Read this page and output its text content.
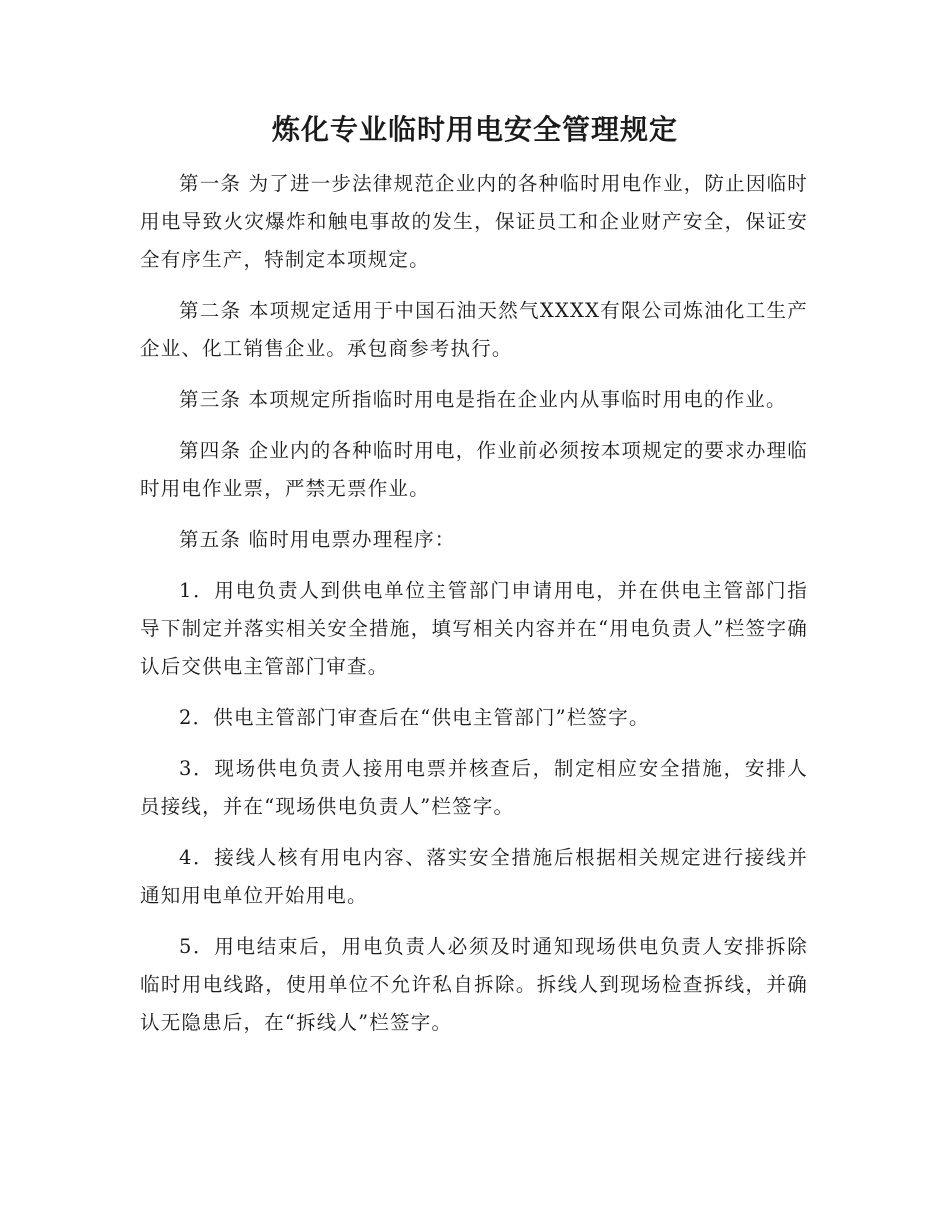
炼化专业临时用电安全管理规定

第一条 为了进一步法律规范企业内的各种临时用电作业，防止因临时用电导致火灾爆炸和触电事故的发生，保证员工和企业财产安全，保证安全有序生产，特制定本项规定。

第二条 本项规定适用于中国石油天然气XXXX有限公司炼油化工生产企业、化工销售企业。承包商参考执行。

第三条 本项规定所指临时用电是指在企业内从事临时用电的作业。

第四条 企业内的各种临时用电，作业前必须按本项规定的要求办理临时用电作业票，严禁无票作业。

第五条 临时用电票办理程序：

1．用电负责人到供电单位主管部门申请用电，并在供电主管部门指导下制定并落实相关安全措施，填写相关内容并在“用电负责人”栏签字确认后交供电主管部门审查。

2．供电主管部门审查后在“供电主管部门”栏签字。

3．现场供电负责人接用电票并核查后，制定相应安全措施，安排人员接线，并在“现场供电负责人”栏签字。

4．接线人核有用电内容、落实安全措施后根据相关规定进行接线并通知用电单位开始用电。

5．用电结束后，用电负责人必须及时通知现场供电负责人安排拆除临时用电线路，使用单位不允许私自拆除。拆线人到现场检查拆线，并确认无隐患后，在“拆线人”栏签字。
